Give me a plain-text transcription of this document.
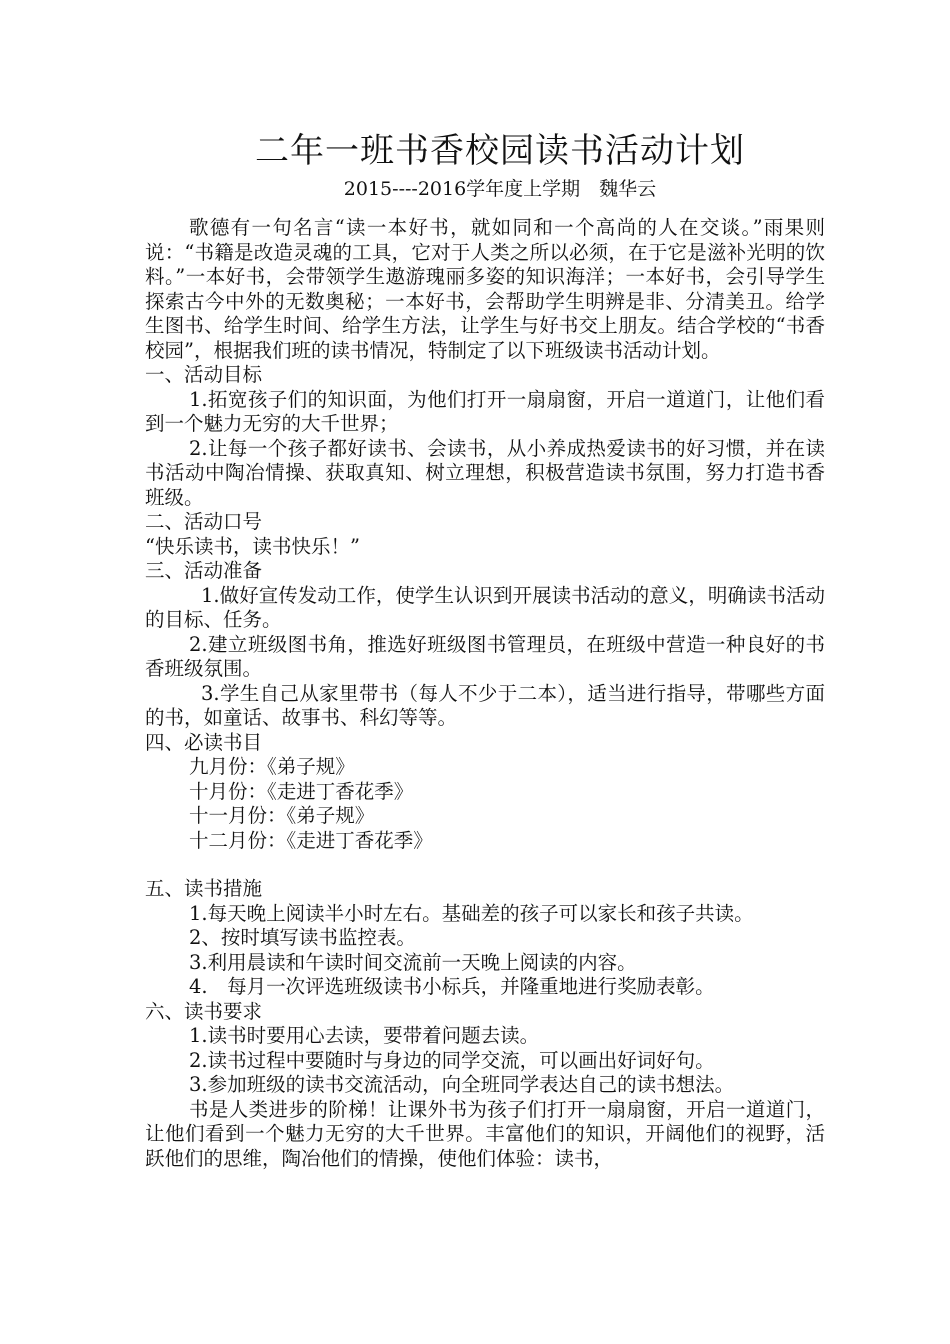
二年一班书香校园读书活动计划
2015----2016学年度上学期　魏华云

歌德有一句名言“读一本好书，就如同和一个高尚的人在交谈。”雨果则说：“书籍是改造灵魂的工具，它对于人类之所以必须，在于它是滋补光明的饮料。”一本好书，会带领学生遨游瑰丽多姿的知识海洋；一本好书，会引导学生探索古今中外的无数奥秘；一本好书，会帮助学生明辨是非、分清美丑。给学生图书、给学生时间、给学生方法，让学生与好书交上朋友。结合学校的“书香校园”，根据我们班的读书情况，特制定了以下班级读书活动计划。

一、活动目标

1.拓宽孩子们的知识面，为他们打开一扇扇窗，开启一道道门，让他们看到一个魅力无穷的大千世界；

2.让每一个孩子都好读书、会读书，从小养成热爱读书的好习惯，并在读书活动中陶冶情操、获取真知、树立理想，积极营造读书氛围，努力打造书香班级。

二、活动口号

“快乐读书，读书快乐！”

三、活动准备

1.做好宣传发动工作，使学生认识到开展读书活动的意义，明确读书活动的目标、任务。

2.建立班级图书角，推选好班级图书管理员，在班级中营造一种良好的书香班级氛围。

3.学生自己从家里带书（每人不少于二本），适当进行指导，带哪些方面的书，如童话、故事书、科幻等等。

四、必读书目

九月份：《弟子规》

十月份：《走进丁香花季》

十一月份：《弟子规》

十二月份：《走进丁香花季》

五、读书措施

1.每天晚上阅读半小时左右。基础差的孩子可以家长和孩子共读。

2、按时填写读书监控表。

3.利用晨读和午读时间交流前一天晚上阅读的内容。

4.　每月一次评选班级读书小标兵，并隆重地进行奖励表彰。

六、读书要求

1.读书时要用心去读，要带着问题去读。

2.读书过程中要随时与身边的同学交流，可以画出好词好句。

3.参加班级的读书交流活动，向全班同学表达自己的读书想法。

书是人类进步的阶梯！让课外书为孩子们打开一扇扇窗，开启一道道门，让他们看到一个魅力无穷的大千世界。丰富他们的知识，开阔他们的视野，活跃他们的思维，陶冶他们的情操，使他们体验：读书，
